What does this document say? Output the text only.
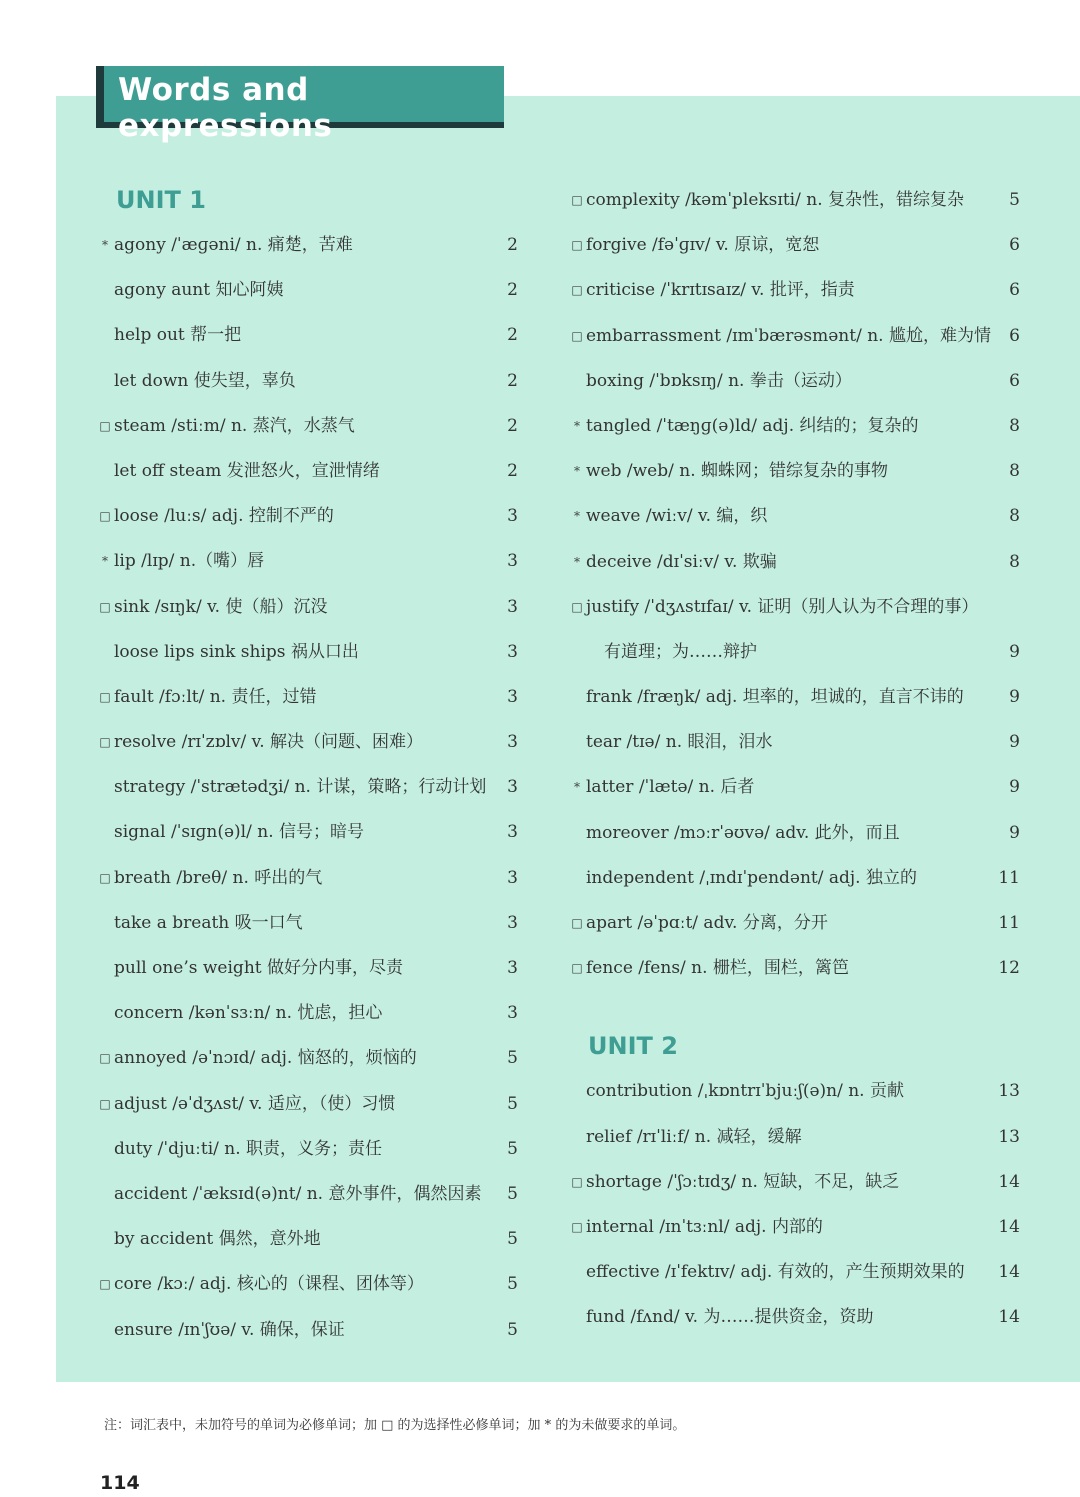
Words and expressions
UNIT 1
* agony /ˈæɡəni/ n. 痛楚，苦难	2
agony aunt 知心阿姨	2
help out 帮一把	2
let down 使失望，辜负	2
□ steam /stiːm/ n. 蒸汽，水蒸气	2
let off steam 发泄怒火，宣泄情绪	2
□ loose /luːs/ adj. 控制不严的	3
* lip /lɪp/ n.（嘴）唇	3
□ sink /sɪŋk/ v. 使（船）沉没	3
loose lips sink ships 祸从口出	3
□ fault /fɔːlt/ n. 责任，过错	3
□ resolve /rɪˈzɒlv/ v. 解决（问题、困难）	3
strategy /ˈstrætədʒi/ n. 计谋，策略；行动计划 3
signal /ˈsɪɡn(ə)l/ n. 信号；暗号	3
□ breath /breθ/ n. 呼出的气	3
take a breath 吸一口气	3
pull one’s weight 做好分内事，尽责	3
concern /kənˈsɜːn/ n. 忧虑，担心	3
□ annoyed /əˈnɔɪd/ adj. 恼怒的，烦恼的	5
□ adjust /əˈdʒʌst/ v. 适应，（使）习惯	5
duty /ˈdjuːti/ n. 职责，义务；责任	5
accident /ˈæksɪd(ə)nt/ n. 意外事件，偶然因素 5
by accident 偶然，意外地	5
□ core /kɔː/ adj. 核心的（课程、团体等）	5
ensure /ɪnˈʃʊə/ v. 确保，保证	5
□ complexity /kəmˈpleksɪti/ n. 复杂性，错综复杂	5
□ forgive /fəˈɡɪv/ v. 原谅，宽恕	6
□ criticise /ˈkrɪtɪsaɪz/ v. 批评，指责	6
□ embarrassment /ɪmˈbærəsmənt/ n. 尴尬，难为情 6
boxing /ˈbɒksɪŋ/ n. 拳击（运动）	6
* tangled /ˈtæŋɡ(ə)ld/ adj. 纠结的；复杂的	8
* web /web/ n. 蜘蛛网；错综复杂的事物	8
* weave /wiːv/ v. 编，织	8
* deceive /dɪˈsiːv/ v. 欺骗	8
□ justify /ˈdʒʌstɪfaɪ/ v. 证明（别人认为不合理的事）
有道理；为……辩护	9
frank /fræŋk/ adj. 坦率的，坦诚的，直言不讳的	9
tear /tɪə/ n. 眼泪，泪水	9
* latter /ˈlætə/ n. 后者	9
moreover /mɔːrˈəʊvə/ adv. 此外，而且	9
independent /ˌɪndɪˈpendənt/ adj. 独立的	11
□ apart /əˈpɑːt/ adv. 分离，分开	11
□ fence /fens/ n. 栅栏，围栏，篱笆	12
UNIT 2
contribution /ˌkɒntrɪˈbjuːʃ(ə)n/ n. 贡献	13
relief /rɪˈliːf/ n. 减轻，缓解	13
□ shortage /ˈʃɔːtɪdʒ/ n. 短缺，不足，缺乏	14
□ internal /ɪnˈtɜːnl/ adj. 内部的	14
effective /ɪˈfektɪv/ adj. 有效的，产生预期效果的 14
fund /fʌnd/ v. 为……提供资金，资助	14
注：词汇表中，未加符号的单词为必修单词；加 □ 的为选择性必修单词；加 * 的为未做要求的单词。
114
